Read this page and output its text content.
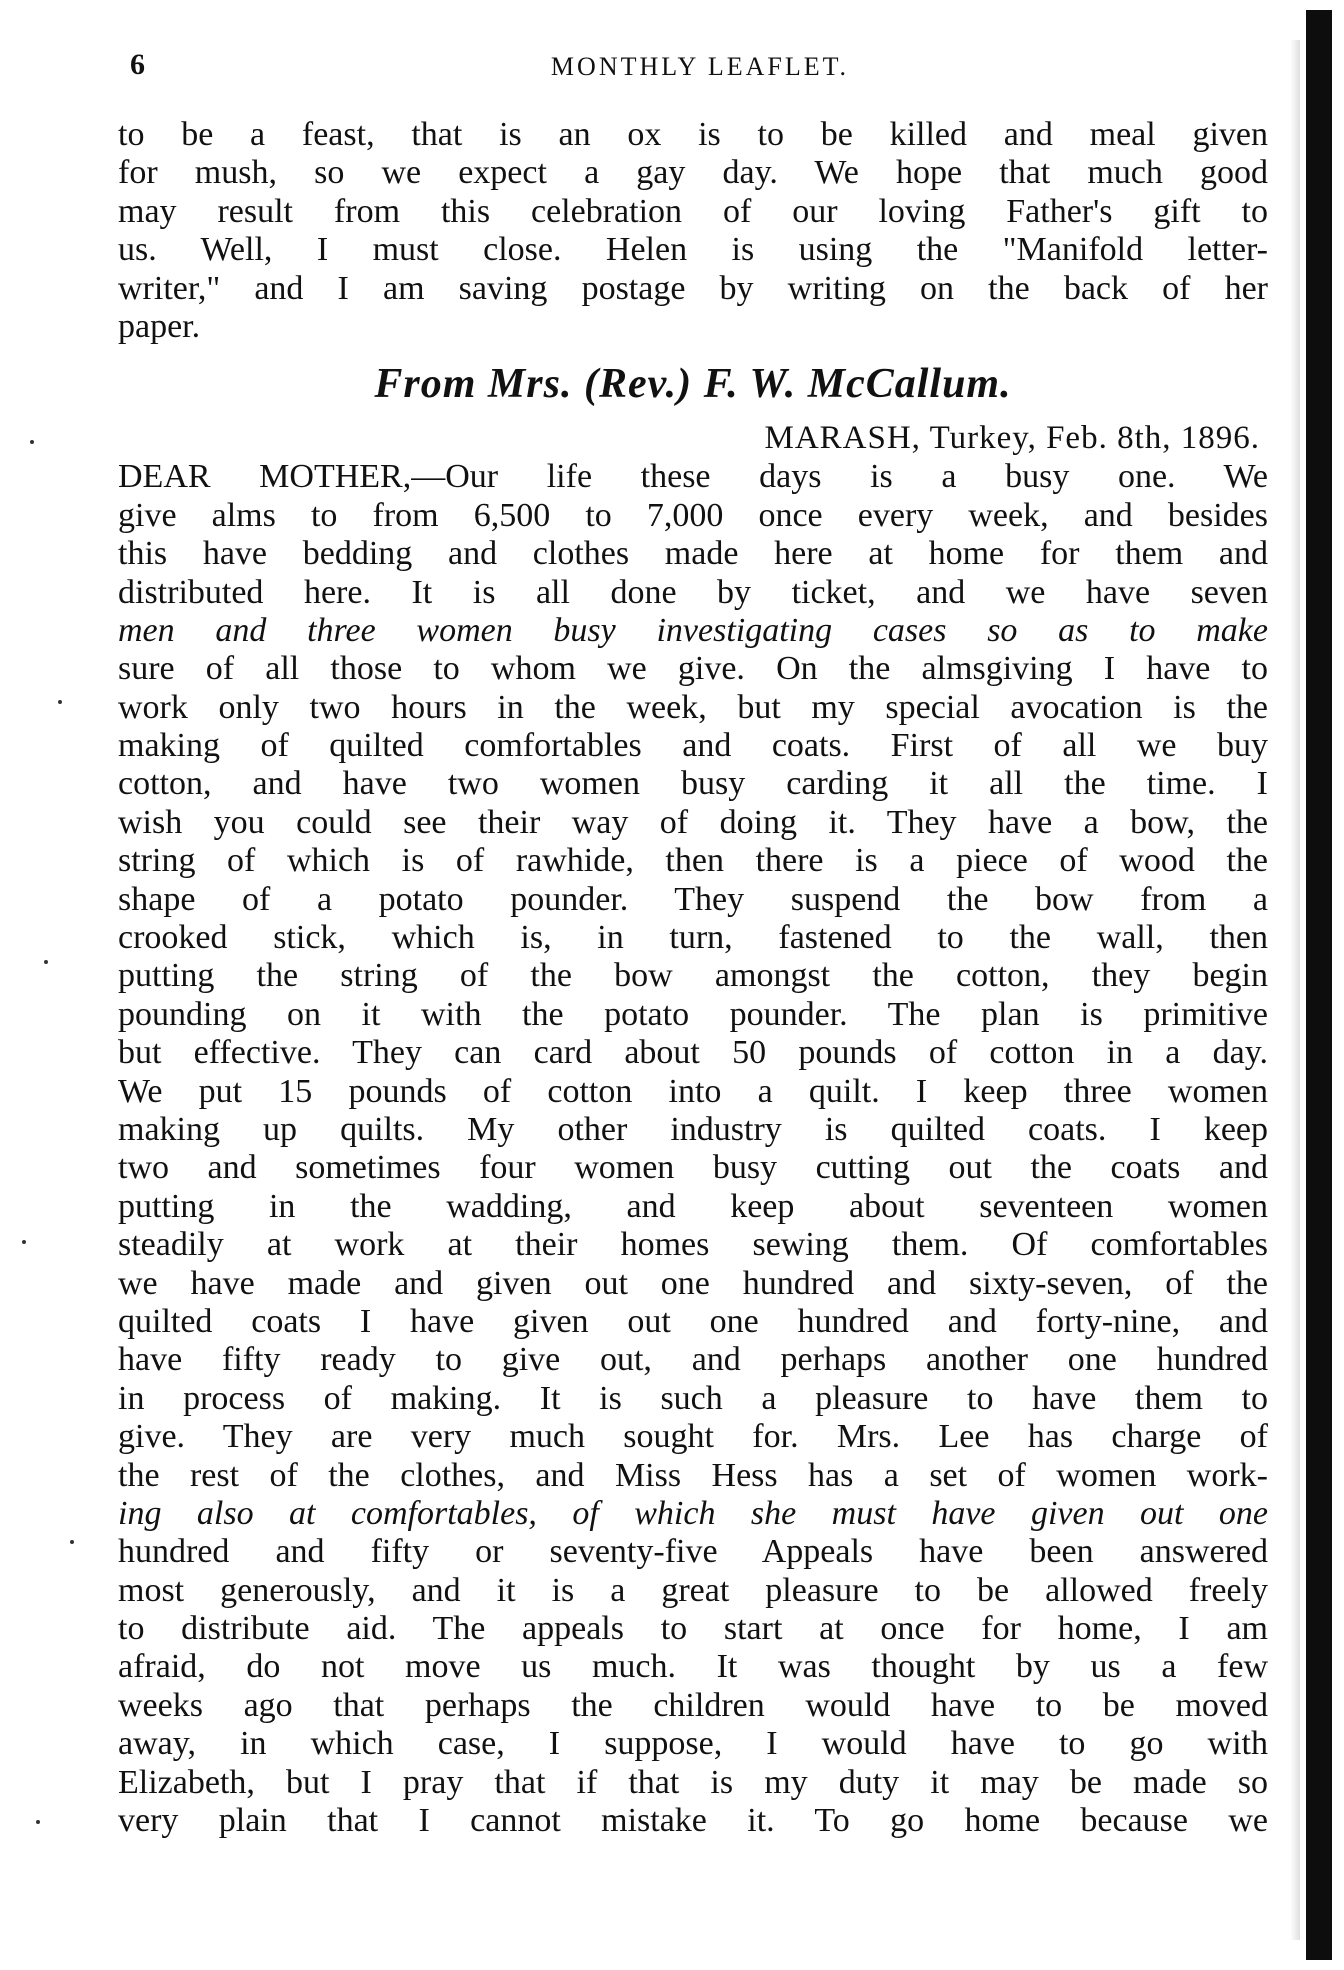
6	MONTHLY LEAFLET.
to be a feast, that is an ox is to be killed and meal given
for mush, so we expect a gay day. We hope that much good
may result from this celebration of our loving Father's gift to
us. Well, I must close. Helen is using the "Manifold letter-
writer," and I am saving postage by writing on the back of her
paper.
From Mrs. (Rev.) F. W. McCallum.
MARASH, Turkey, Feb. 8th, 1896.
DEAR MOTHER,—Our life these days is a busy one. We
give alms to from 6,500 to 7,000 once every week, and besides
this have bedding and clothes made here at home for them and
distributed here. It is all done by ticket, and we have seven
men and three women busy investigating cases so as to make
sure of all those to whom we give. On the almsgiving I have to
work only two hours in the week, but my special avocation is the
making of quilted comfortables and coats. First of all we buy
cotton, and have two women busy carding it all the time. I
wish you could see their way of doing it. They have a bow, the
string of which is of rawhide, then there is a piece of wood the
shape of a potato pounder. They suspend the bow from a
crooked stick, which is, in turn, fastened to the wall, then
putting the string of the bow amongst the cotton, they begin
pounding on it with the potato pounder. The plan is primitive
but effective. They can card about 50 pounds of cotton in a day.
We put 15 pounds of cotton into a quilt. I keep three women
making up quilts. My other industry is quilted coats. I keep
two and sometimes four women busy cutting out the coats and
putting in the wadding, and keep about seventeen women
steadily at work at their homes sewing them. Of comfortables
we have made and given out one hundred and sixty-seven, of the
quilted coats I have given out one hundred and forty-nine, and
have fifty ready to give out, and perhaps another one hundred
in process of making. It is such a pleasure to have them to
give. They are very much sought for. Mrs. Lee has charge of
the rest of the clothes, and Miss Hess has a set of women work-
ing also at comfortables, of which she must have given out one
hundred and fifty or seventy-five Appeals have been answered
most generously, and it is a great pleasure to be allowed freely
to distribute aid. The appeals to start at once for home, I am
afraid, do not move us much. It was thought by us a few
weeks ago that perhaps the children would have to be moved
away, in which case, I suppose, I would have to go with
Elizabeth, but I pray that if that is my duty it may be made so
very plain that I cannot mistake it. To go home because we
